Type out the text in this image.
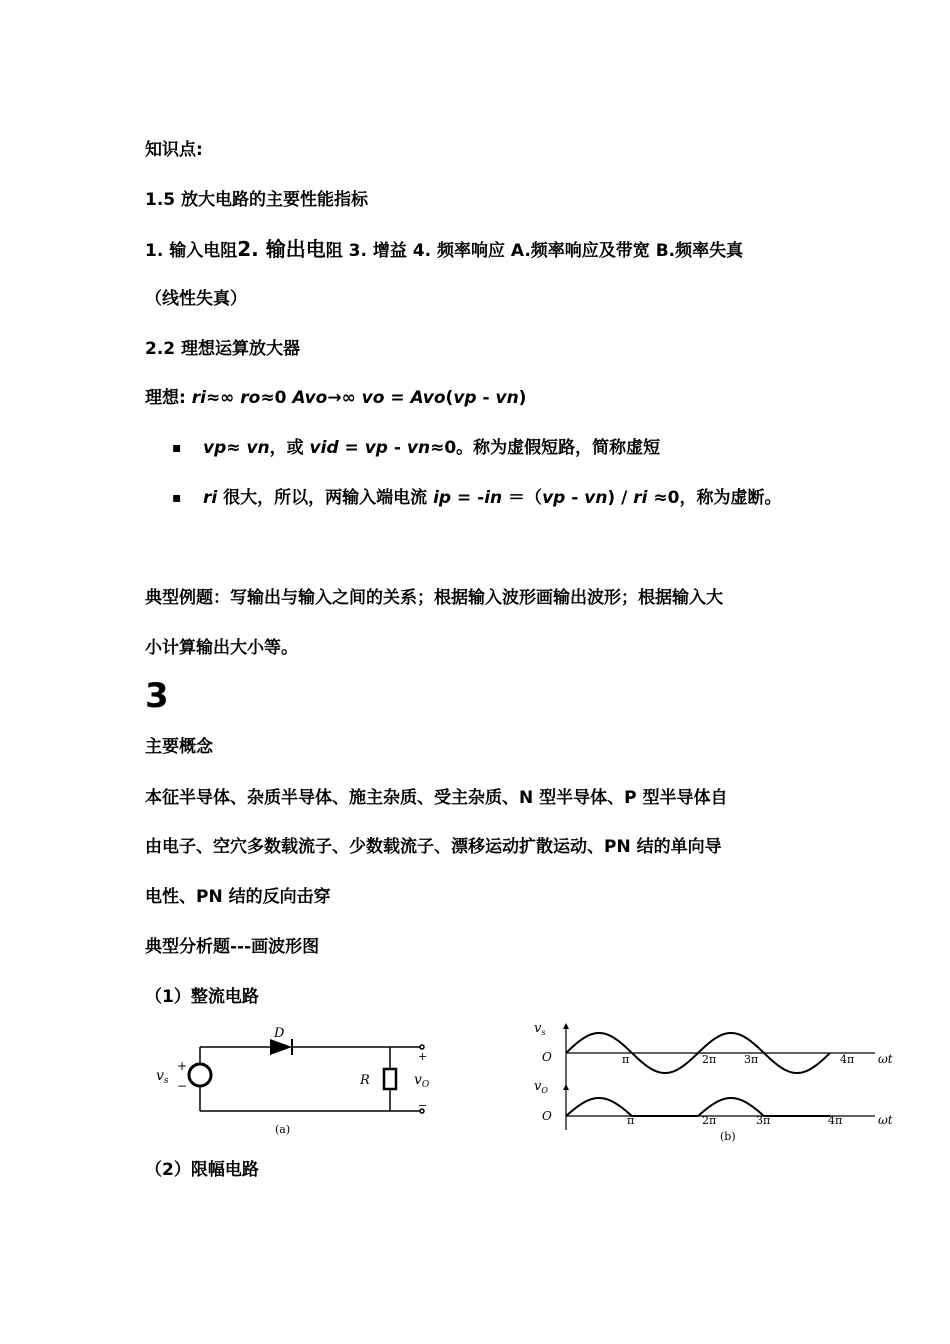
知识点:
1.5 放大电路的主要性能指标
1. 输入电阻2. 输出电阻 3. 增益 4. 频率响应 A.频率响应及带宽 B.频率失真
（线性失真）
2.2 理想运算放大器
理想: ri≈∞ ro≈0 Avo→∞ vo = Avo(vp - vn)
▪ vp≈ vn，或 vid = vp - vn≈0。称为虚假短路，简称虚短
▪ ri 很大，所以，两输入端电流 ip = -in ＝（vp - vn) / ri ≈0，称为虚断。
典型例题：写输出与输入之间的关系；根据输入波形画输出波形；根据输入大
小计算输出大小等。
3
主要概念
本征半导体、杂质半导体、施主杂质、受主杂质、N 型半导体、P 型半导体自
由电子、空穴多数载流子、少数载流子、漂移运动扩散运动、PN 结的单向导
电性、PN 结的反向击穿
典型分析题---画波形图
（1）整流电路
D
$v_s$
+
−	R	$v_O$
+
−
(a)
$v_s$
$v_O$
O
O
π	2π	3π	4π ωt
π	2π	3π	4π	ωt
(b)
（2）限幅电路
